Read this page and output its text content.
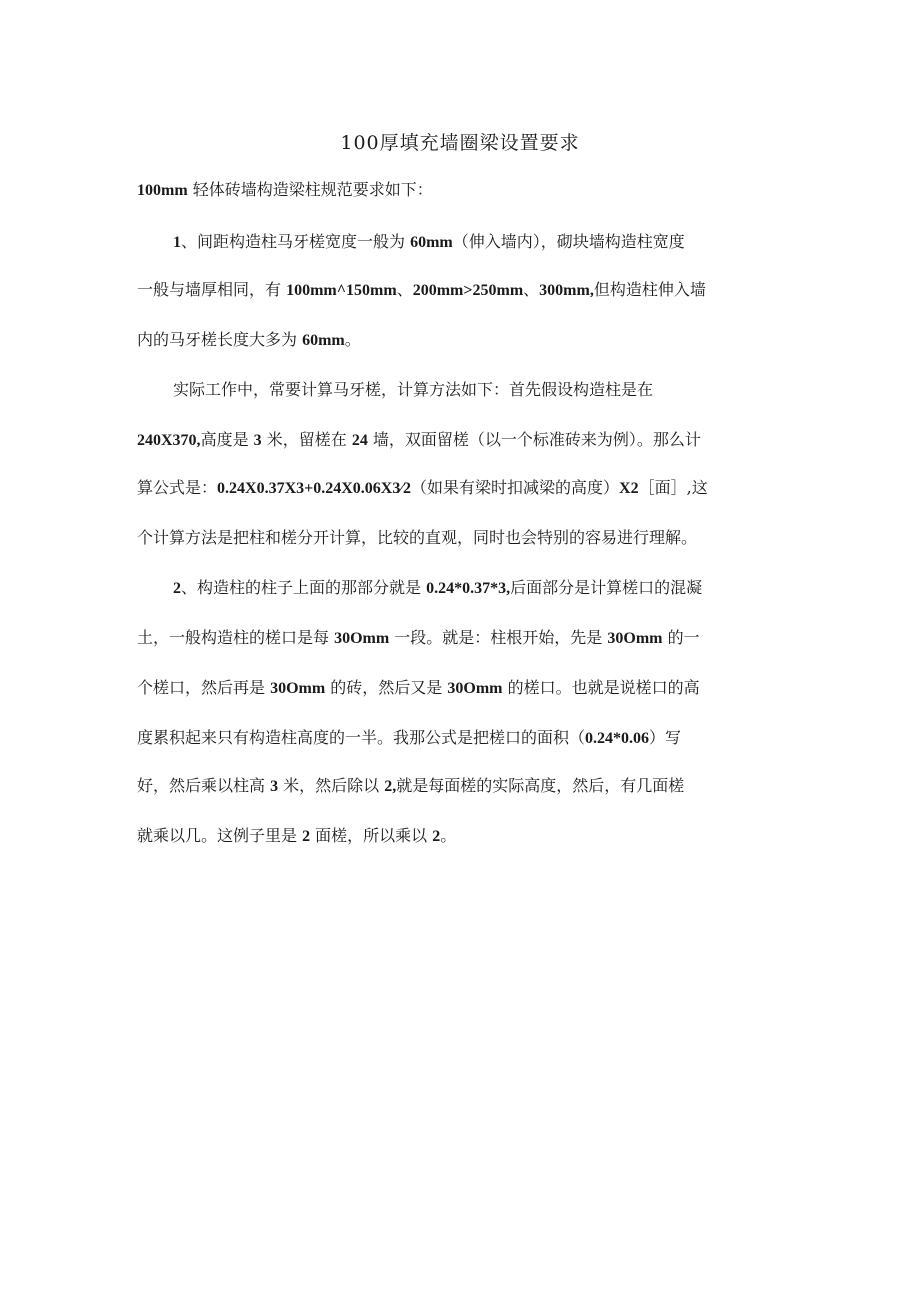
100厚填充墙圈梁设置要求
100mm 轻体砖墙构造梁柱规范要求如下：
1、间距构造柱马牙槎宽度一般为 60mm（伸入墙内），砌块墙构造柱宽度
一般与墙厚相同，有 100mm^150mm、200mm>250mm、300mm,但构造柱伸入墙
内的马牙槎长度大多为 60mm。
实际工作中，常要计算马牙槎，计算方法如下：首先假设构造柱是在
240X370,高度是 3 米，留槎在 24 墙，双面留槎（以一个标准砖来为例）。那么计
算公式是：0.24X0.37X3+0.24X0.06X3⁄2（如果有梁时扣减梁的高度）X2［面］,这
个计算方法是把柱和槎分开计算，比较的直观，同时也会特别的容易进行理解。
2、构造柱的柱子上面的那部分就是 0.24*0.37*3,后面部分是计算槎口的混凝
土，一般构造柱的槎口是每 30Omm 一段。就是：柱根开始，先是 30Omm 的一
个槎口，然后再是 30Omm 的砖，然后又是 30Omm 的槎口。也就是说槎口的高
度累积起来只有构造柱高度的一半。我那公式是把槎口的面积（0.24*0.06）写
好，然后乘以柱高 3 米，然后除以 2,就是每面槎的实际高度，然后，有几面槎
就乘以几。这例子里是 2 面槎，所以乘以 2。
